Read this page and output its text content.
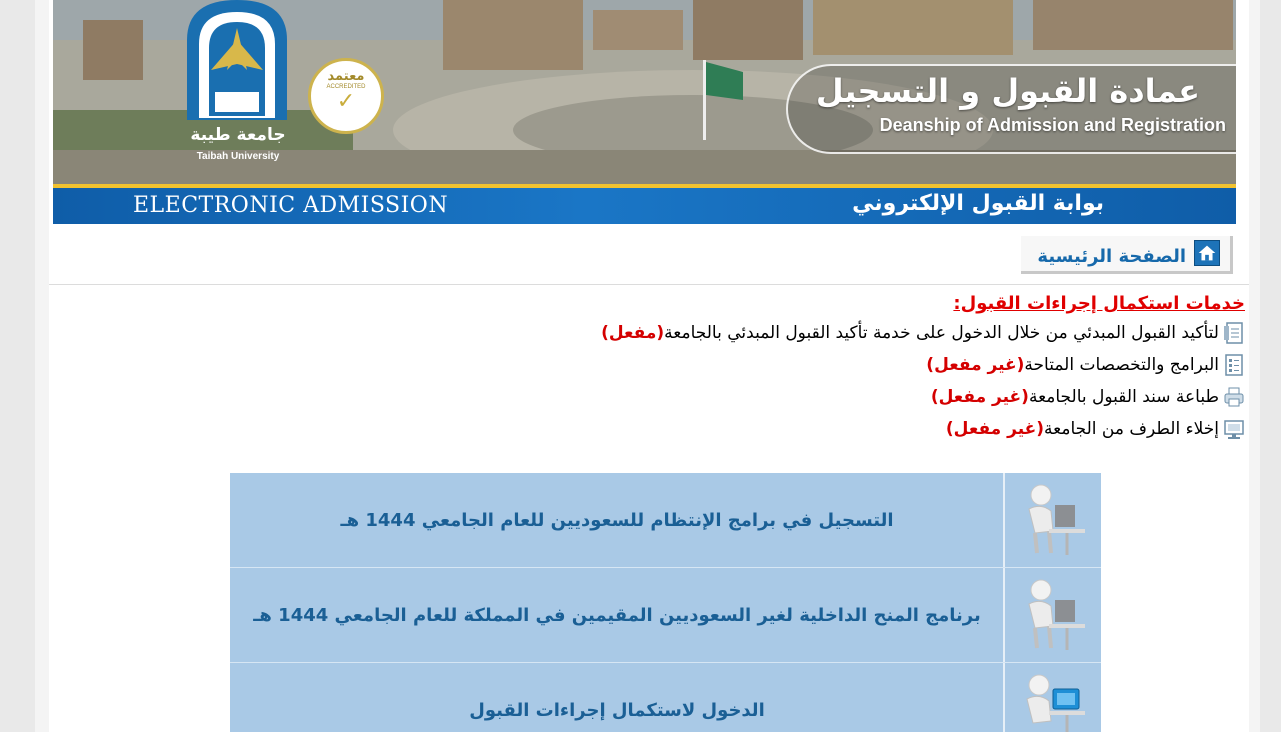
عمادة القبول و التسجيل
Deanship of Admission and Registration
جامعة طيبة
Taibah University
معتمد
ACCREDITED
✓
ELECTRONIC ADMISSION	بوابة القبول الإلكتروني
الصفحة الرئيسية
خدمات استكمال إجراءات القبول:
لتأكيد القبول المبدئي من خلال الدخول على خدمة تأكيد القبول المبدئي بالجامعة
(مفعل)
البرامج والتخصصات المتاحة
(غير مفعل)
طباعة سند القبول بالجامعة
(غير مفعل)
إخلاء الطرف من الجامعة
(غير مفعل)
التسجيل في برامج الإنتظام للسعوديين للعام الجامعي 1444 هـ
برنامج المنح الداخلية لغير السعوديين المقيمين في المملكة للعام الجامعي 1444 هـ
الدخول لاستكمال إجراءات القبول
